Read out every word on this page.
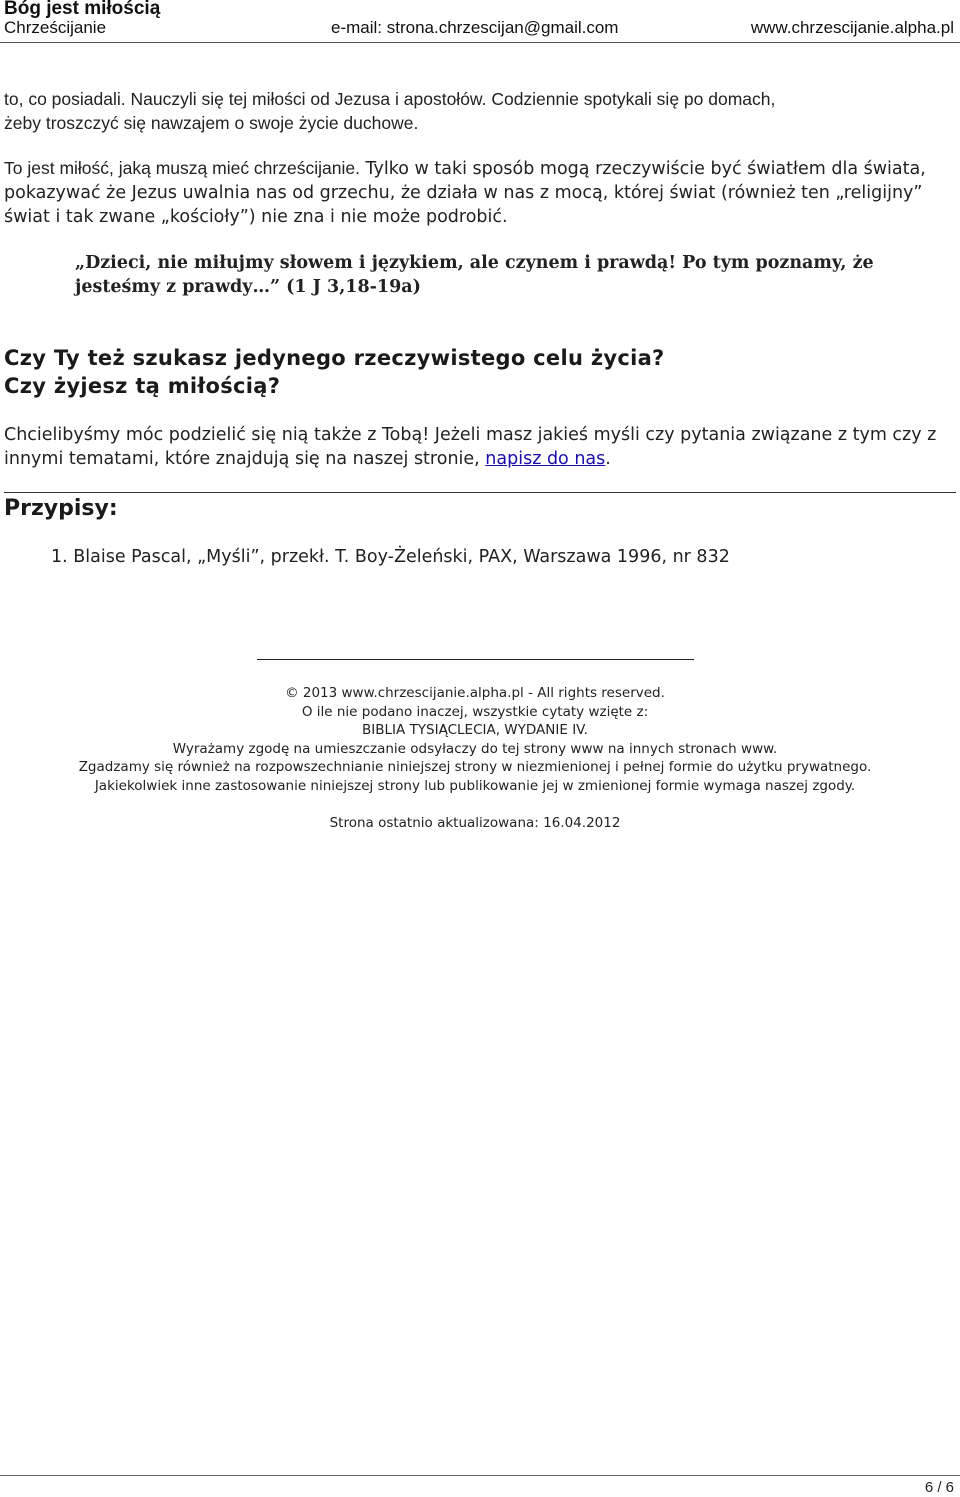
Bóg jest miłością
Chrześcijanie	e-mail: strona.chrzescijan@gmail.com	www.chrzescijanie.alpha.pl
to, co posiadali. Nauczyli się tej miłości od Jezusa i apostołów. Codziennie spotykali się po domach,
żeby troszczyć się nawzajem o swoje życie duchowe.
To jest miłość, jaką muszą mieć chrześcijanie. Tylko w taki sposób mogą rzeczywiście być światłem dla świata, pokazywać że Jezus uwalnia nas od grzechu, że działa w nas z mocą, której świat (również ten „religijny” świat i tak zwane „kościoły”) nie zna i nie może podrobić.
„Dzieci, nie miłujmy słowem i językiem, ale czynem i prawdą! Po tym poznamy, że jesteśmy z prawdy…” (1 J 3,18-19a)
Czy Ty też szukasz jedynego rzeczywistego celu życia?
Czy żyjesz tą miłością?
Chcielibyśmy móc podzielić się nią także z Tobą! Jeżeli masz jakieś myśli czy pytania związane z tym czy z innymi tematami, które znajdują się na naszej stronie, napisz do nas.
Przypisy:
1. Blaise Pascal, „Myśli”, przekł. T. Boy-Żeleński, PAX, Warszawa 1996, nr 832
© 2013 www.chrzescijanie.alpha.pl - All rights reserved.
O ile nie podano inaczej, wszystkie cytaty wzięte z:
BIBLIA TYSIĄCLECIA, WYDANIE IV.
Wyrażamy zgodę na umieszczanie odsyłaczy do tej strony www na innych stronach www.
Zgadzamy się również na rozpowszechnianie niniejszej strony w niezmienionej i pełnej formie do użytku prywatnego.
Jakiekolwiek inne zastosowanie niniejszej strony lub publikowanie jej w zmienionej formie wymaga naszej zgody.
Strona ostatnio aktualizowana: 16.04.2012
6 / 6
